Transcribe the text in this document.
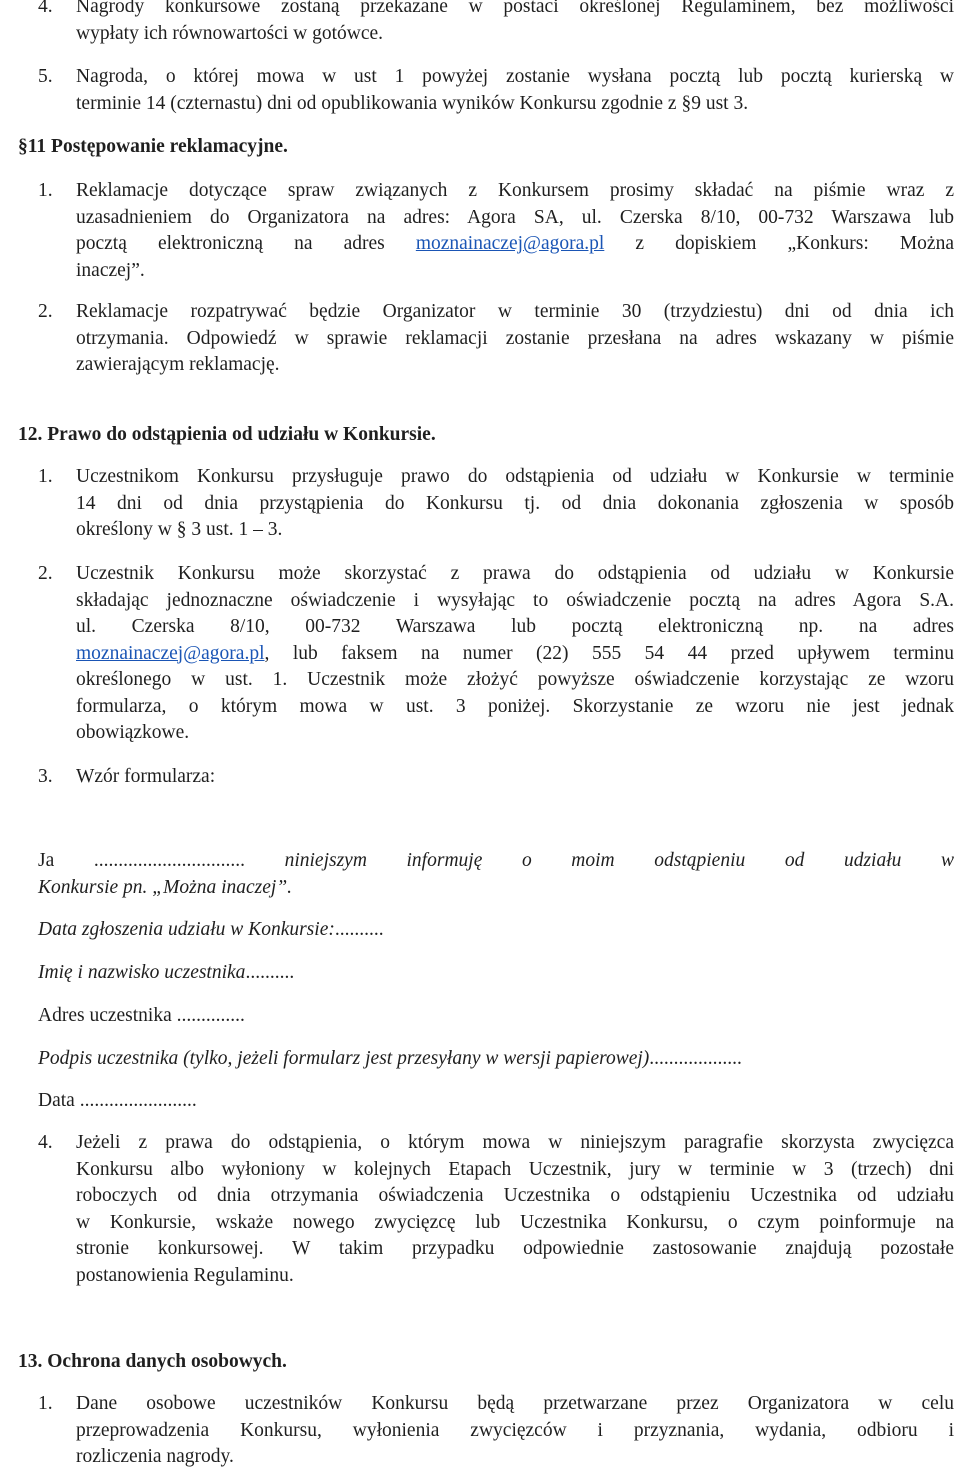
4. Nagrody konkursowe zostaną przekazane w postaci określonej Regulaminem, bez możliwości
wypłaty ich równowartości w gotówce.
5. Nagroda, o której mowa w ust 1 powyżej zostanie wysłana pocztą lub pocztą kurierską w
terminie 14 (czternastu) dni od opublikowania wyników Konkursu zgodnie z §9 ust 3.
§11 Postępowanie reklamacyjne.
1. Reklamacje dotyczące spraw związanych z Konkursem prosimy składać na piśmie wraz z
uzasadnieniem do Organizatora na adres: Agora SA, ul. Czerska 8/10, 00-732 Warszawa lub
pocztą elektroniczną na adres moznainaczej@agora.pl z dopiskiem „Konkurs: Można
inaczej”.
2. Reklamacje rozpatrywać będzie Organizator w terminie 30 (trzydziestu) dni od dnia ich
otrzymania. Odpowiedź w sprawie reklamacji zostanie przesłana na adres wskazany w piśmie
zawierającym reklamację.
12. Prawo do odstąpienia od udziału w Konkursie.
1. Uczestnikom Konkursu przysługuje prawo do odstąpienia od udziału w Konkursie w terminie
14 dni od dnia przystąpienia do Konkursu tj. od dnia dokonania zgłoszenia w sposób
określony w § 3 ust. 1 – 3.
2. Uczestnik Konkursu może skorzystać z prawa do odstąpienia od udziału w Konkursie
składając jednoznaczne oświadczenie i wysyłając to oświadczenie pocztą na adres Agora S.A.
ul. Czerska 8/10, 00-732 Warszawa lub pocztą elektroniczną np. na adres
moznainaczej@agora.pl, lub faksem na numer (22) 555 54 44 przed upływem terminu
określonego w ust. 1. Uczestnik może złożyć powyższe oświadczenie korzystając ze wzoru
formularza, o którym mowa w ust. 3 poniżej. Skorzystanie ze wzoru nie jest jednak
obowiązkowe.
3. Wzór formularza:
Ja ............................... niniejszym informuję o moim odstąpieniu od udziału w
Konkursie pn. „Można inaczej”.
Data zgłoszenia udziału w Konkursie:..........
Imię i nazwisko uczestnika..........
Adres uczestnika ..............
Podpis uczestnika (tylko, jeżeli formularz jest przesyłany w wersji papierowej)...................
Data ........................
4. Jeżeli z prawa do odstąpienia, o którym mowa w niniejszym paragrafie skorzysta zwycięzca
Konkursu albo wyłoniony w kolejnych Etapach Uczestnik, jury w terminie w 3 (trzech) dni
roboczych od dnia otrzymania oświadczenia Uczestnika o odstąpieniu Uczestnika od udziału
w Konkursie, wskaże nowego zwycięzcę lub Uczestnika Konkursu, o czym poinformuje na
stronie konkursowej. W takim przypadku odpowiednie zastosowanie znajdują pozostałe
postanowienia Regulaminu.
13. Ochrona danych osobowych.
1. Dane osobowe uczestników Konkursu będą przetwarzane przez Organizatora w celu
przeprowadzenia Konkursu, wyłonienia zwycięzców i przyznania, wydania, odbioru i
rozliczenia nagrody.
